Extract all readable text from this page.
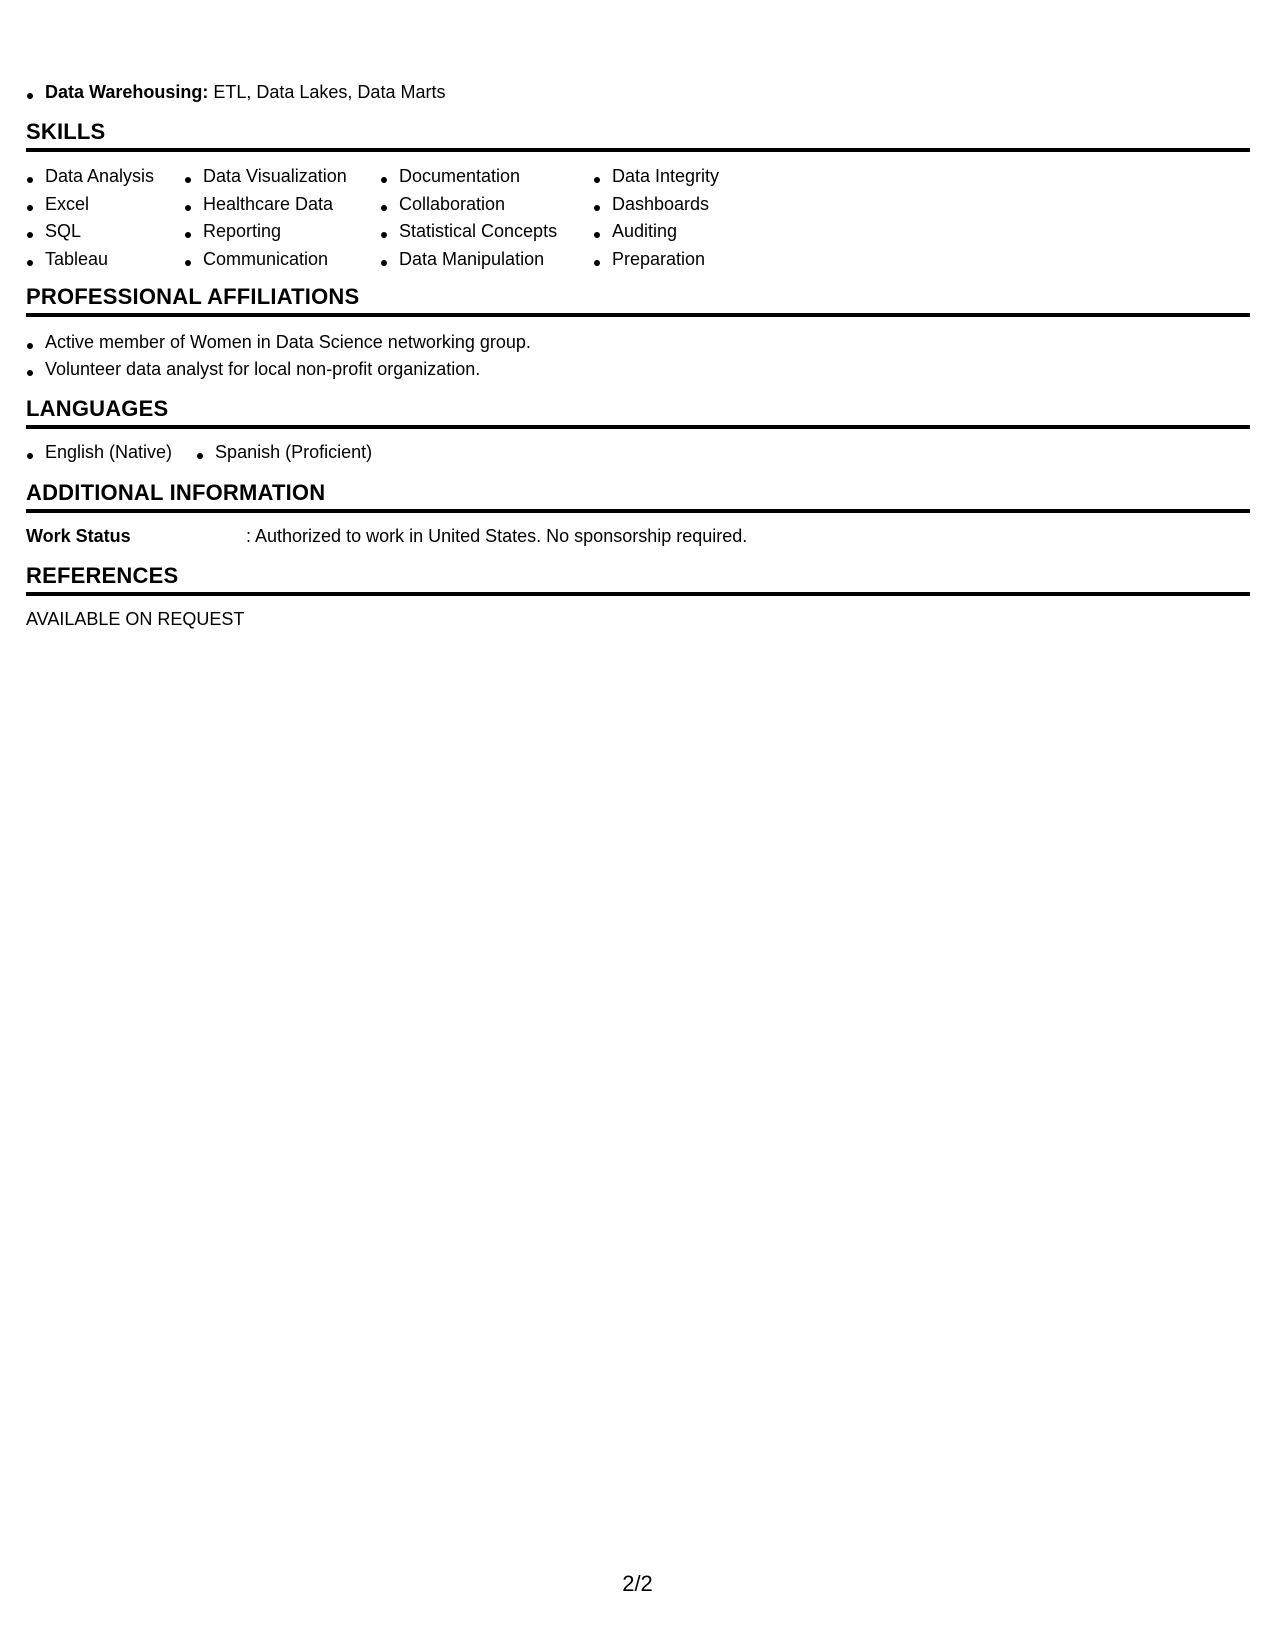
Data Warehousing: ETL, Data Lakes, Data Marts
SKILLS
Data Analysis
Excel
SQL
Tableau
Data Visualization
Healthcare Data
Reporting
Communication
Documentation
Collaboration
Statistical Concepts
Data Manipulation
Data Integrity
Dashboards
Auditing
Preparation
PROFESSIONAL AFFILIATIONS
Active member of Women in Data Science networking group.
Volunteer data analyst for local non-profit organization.
LANGUAGES
English (Native) Spanish (Proficient)
ADDITIONAL INFORMATION
Work Status	: Authorized to work in United States. No sponsorship required.
REFERENCES
AVAILABLE ON REQUEST
2/2
